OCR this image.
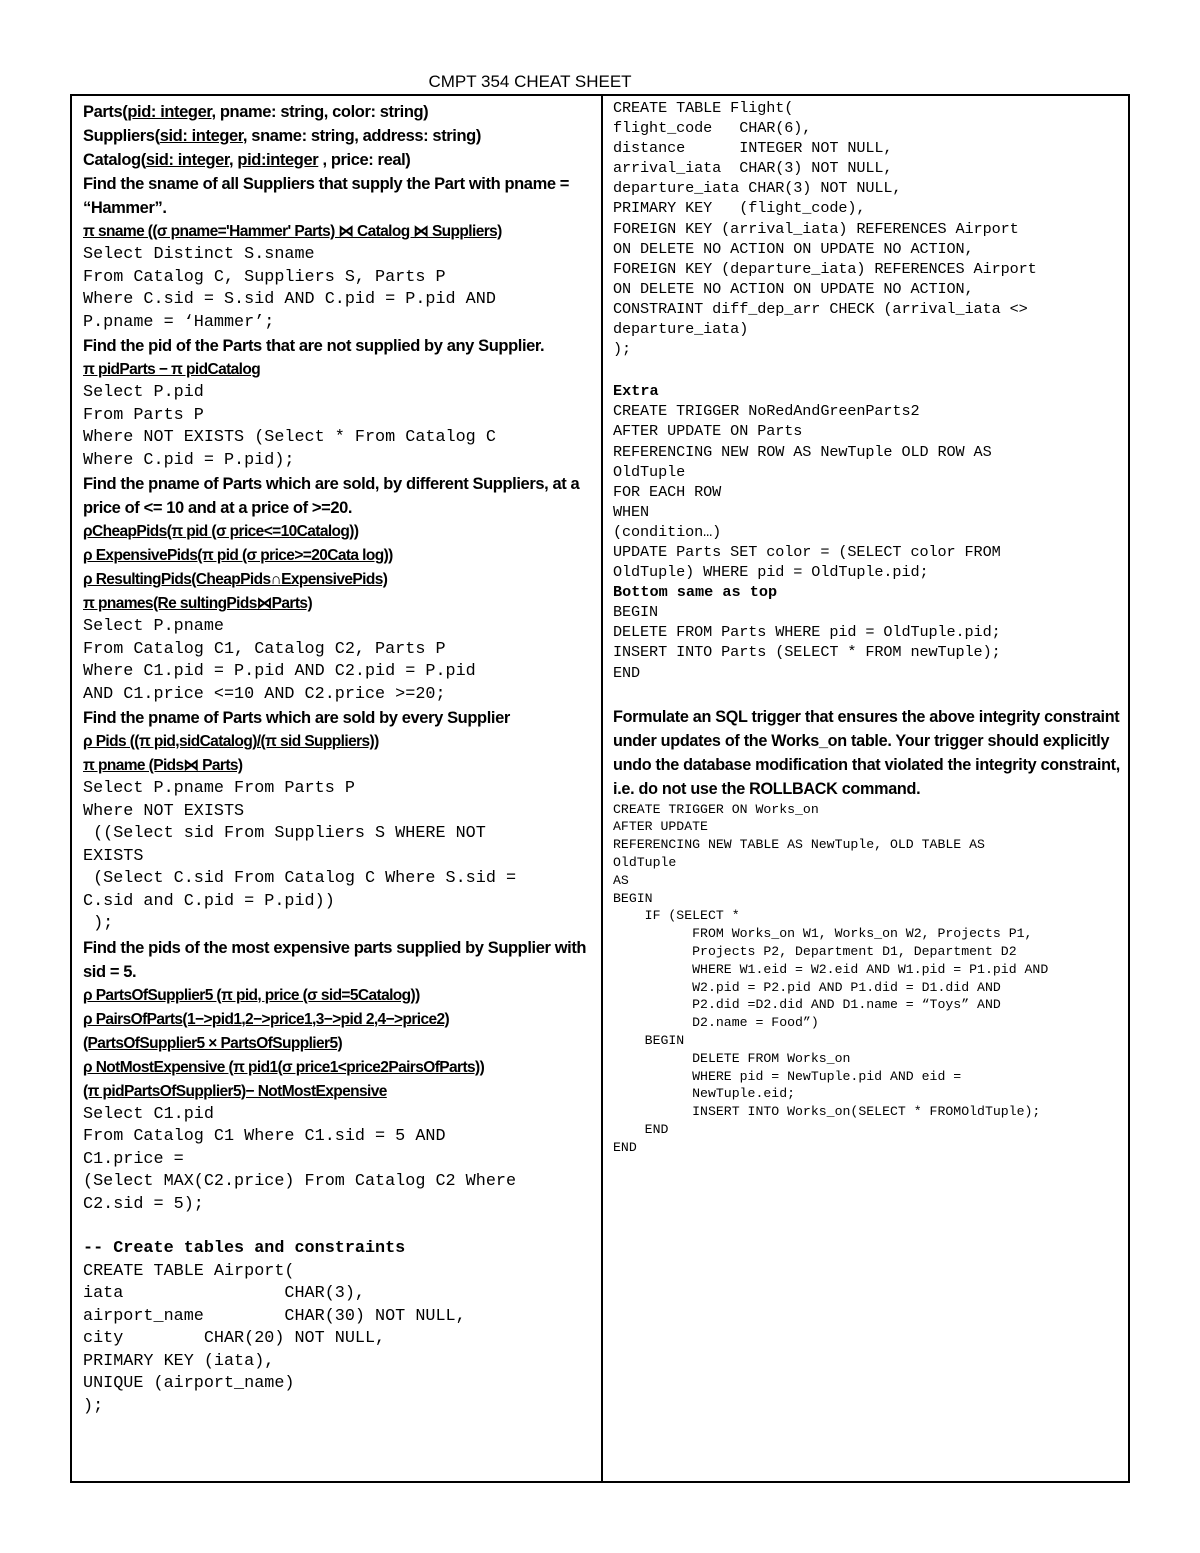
CMPT 354 CHEAT SHEET
Parts(pid: integer, pname: string, color: string)
Suppliers(sid: integer, sname: string, address: string)
Catalog(sid: integer, pid:integer , price: real)
Find the sname of all Suppliers that supply the Part with pname = “Hammer”.
π sname ((σ pname='Hammer' Parts) ⋈ Catalog ⋈ Suppliers)
Select Distinct S.sname
From Catalog C, Suppliers S, Parts P
Where C.sid = S.sid AND C.pid = P.pid AND
P.pname = ‘Hammer’;
Find the pid of the Parts that are not supplied by any Supplier.
π pidParts − π pidCatalog
Select P.pid
From Parts P
Where NOT EXISTS (Select * From Catalog C
Where C.pid = P.pid);
Find the pname of Parts which are sold, by different Suppliers, at a price of <= 10 and at a price of >=20.
ρCheapPids(π pid (σ price<=10Catalog))
ρ ExpensivePids(π pid (σ price>=20Cata log))
ρ ResultingPids(CheapPids∩ExpensivePids)
π pnames(Re sultingPids⋈Parts)
Select P.pname
From Catalog C1, Catalog C2, Parts P
Where C1.pid = P.pid AND C2.pid = P.pid
AND C1.price <=10 AND C2.price >=20;
Find the pname of Parts which are sold by every Supplier
ρ Pids ((π pid,sidCatalog)/(π sid Suppliers))
π pname (Pids⋈ Parts)
Select P.pname From Parts P
Where NOT EXISTS
((Select sid From Suppliers S WHERE NOT
EXISTS
(Select C.sid From Catalog C Where S.sid =
C.sid and C.pid = P.pid))
);
Find the pids of the most expensive parts supplied by Supplier with sid = 5.
ρ PartsOfSupplier5 (π pid, price (σ sid=5Catalog))
ρ PairsOfParts(1−>pid1,2−>price1,3−>pid 2,4−>price2)
(PartsOfSupplier5 × PartsOfSupplier5)
ρ NotMostExpensive (π pid1(σ price1<price2PairsOfParts))
(π pidPartsOfSupplier5)− NotMostExpensive
Select C1.pid
From Catalog C1 Where C1.sid = 5 AND
C1.price =
(Select MAX(C2.price) From Catalog C2 Where
C2.sid = 5);
-- Create tables and constraints
CREATE TABLE Airport(
iata                CHAR(3),
airport_name        CHAR(30) NOT NULL,
city        CHAR(20) NOT NULL,
PRIMARY KEY (iata),
UNIQUE (airport_name)
);
CREATE TABLE Flight(
flight_code   CHAR(6),
distance      INTEGER NOT NULL,
arrival_iata  CHAR(3) NOT NULL,
departure_iata CHAR(3) NOT NULL,
PRIMARY KEY   (flight_code),
FOREIGN KEY (arrival_iata) REFERENCES Airport
ON DELETE NO ACTION ON UPDATE NO ACTION,
FOREIGN KEY (departure_iata) REFERENCES Airport
ON DELETE NO ACTION ON UPDATE NO ACTION,
CONSTRAINT diff_dep_arr CHECK (arrival_iata <>
departure_iata)
);
Extra
CREATE TRIGGER NoRedAndGreenParts2
AFTER UPDATE ON Parts
REFERENCING NEW ROW AS NewTuple OLD ROW AS
OldTuple
FOR EACH ROW
WHEN
(condition…)
UPDATE Parts SET color = (SELECT color FROM
OldTuple) WHERE pid = OldTuple.pid;
Bottom same as top
BEGIN
DELETE FROM Parts WHERE pid = OldTuple.pid;
INSERT INTO Parts (SELECT * FROM newTuple);
END
Formulate an SQL trigger that ensures the above integrity constraint under updates of the Works_on table. Your trigger should explicitly undo the database modification that violated the integrity constraint, i.e. do not use the ROLLBACK command.
CREATE TRIGGER ON Works_on
AFTER UPDATE
REFERENCING NEW TABLE AS NewTuple, OLD TABLE AS
OldTuple
AS
BEGIN
IF (SELECT *
FROM Works_on W1, Works_on W2, Projects P1,
Projects P2, Department D1, Department D2
WHERE W1.eid = W2.eid AND W1.pid = P1.pid AND
W2.pid = P2.pid AND P1.did = D1.did AND
P2.did =D2.did AND D1.name = “Toys” AND
D2.name = Food”)
BEGIN
DELETE FROM Works_on
WHERE pid = NewTuple.pid AND eid =
NewTuple.eid;
INSERT INTO Works_on(SELECT * FROMOldTuple);
END
END
